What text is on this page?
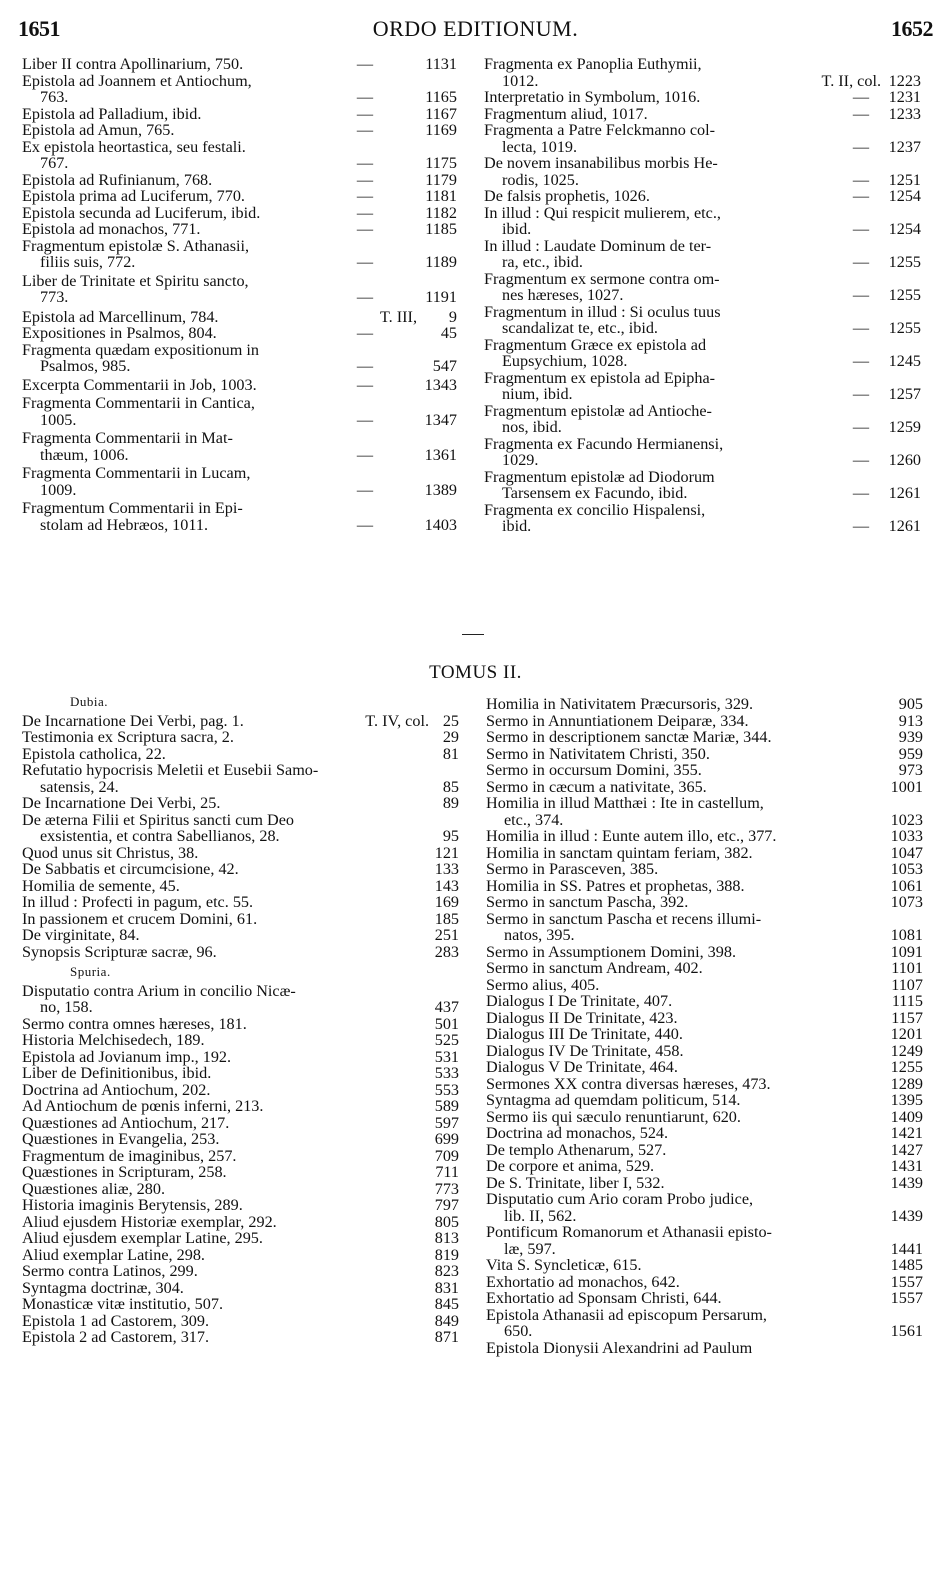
1651	ORDO EDITIONUM.	1652
Liber II contra Apollinarium, 750.	—	1131
Epistola ad Joannem et Antiochum,
763.	—	1165
Epistola ad Palladium, ibid.	—	1167
Epistola ad Amun, 765.	—	1169
Ex epistola heortastica, seu festali.
767.	—	1175
Epistola ad Rufinianum, 768.	—	1179
Epistola prima ad Luciferum, 770.	—	1181
Epistola secunda ad Luciferum, ibid.	—	1182
Epistola ad monachos, 771.	—	1185
Fragmentum epistolæ S. Athanasii,
filiis suis, 772.	—	1189
Liber de Trinitate et Spiritu sancto,
773.	—	1191
Epistola ad Marcellinum, 784.	T. III, 9
Expositiones in Psalmos, 804.	—	45
Fragmenta quædam expositionum in
Psalmos, 985.	—	547
Excerpta Commentarii in Job, 1003.	—	1343
Fragmenta Commentarii in Cantica,
1005.	—	1347
Fragmenta Commentarii in Mat-
thæum, 1006.	—	1361
Fragmenta Commentarii in Lucam,
1009.	—	1389
Fragmentum Commentarii in Epi-
stolam ad Hebræos, 1011.	—	1403
Fragmenta ex Panoplia Euthymii,
1012.	T. II, col. 1223
Interpretatio in Symbolum, 1016.	— 1231
Fragmentum aliud, 1017.	— 1233
Fragmenta a Patre Felckmanno col-
lecta, 1019.	— 1237
De novem insanabilibus morbis He-
rodis, 1025.	— 1251
De falsis prophetis, 1026.	— 1254
In illud : Qui respicit mulierem, etc.,
ibid.	— 1254
In illud : Laudate Dominum de ter-
ra, etc., ibid.	— 1255
Fragmentum ex sermone contra om-
nes hæreses, 1027.	— 1255
Fragmentum in illud : Si oculus tuus
scandalizat te, etc., ibid.	— 1255
Fragmentum Græce ex epistola ad
Eupsychium, 1028.	— 1245
Fragmentum ex epistola ad Epipha-
nium, ibid.	— 1257
Fragmentum epistolæ ad Antioche-
nos, ibid.	— 1259
Fragmenta ex Facundo Hermianensi,
1029.	— 1260
Fragmentum epistolæ ad Diodorum
Tarsensem ex Facundo, ibid.	— 1261
Fragmenta ex concilio Hispalensi,
ibid.	— 1261
TOMUS II.
Dubia.
De Incarnatione Dei Verbi, pag. 1.	T. IV, col. 25
Testimonia ex Scriptura sacra, 2.	29
Epistola catholica, 22.	81
Refutatio hypocrisis Meletii et Eusebii Samo-
satensis, 24.	85
De Incarnatione Dei Verbi, 25.	89
De æterna Filii et Spiritus sancti cum Deo
exsistentia, et contra Sabellianos, 28.	95
Quod unus sit Christus, 38.	121
De Sabbatis et circumcisione, 42.	133
Homilia de semente, 45.	143
In illud : Profecti in pagum, etc. 55.	169
In passionem et crucem Domini, 61.	185
De virginitate, 84.	251
Synopsis Scripturæ sacræ, 96.	283
Spuria.
Disputatio contra Arium in concilio Nicæ-
no, 158.	437
Sermo contra omnes hæreses, 181.	501
Historia Melchisedech, 189.	525
Epistola ad Jovianum imp., 192.	531
Liber de Definitionibus, ibid.	533
Doctrina ad Antiochum, 202.	553
Ad Antiochum de pœnis inferni, 213.	589
Quæstiones ad Antiochum, 217.	597
Quæstiones in Evangelia, 253.	699
Fragmentum de imaginibus, 257.	709
Quæstiones in Scripturam, 258.	711
Quæstiones aliæ, 280.	773
Historia imaginis Berytensis, 289.	797
Aliud ejusdem Historiæ exemplar, 292.	805
Aliud ejusdem exemplar Latine, 295.	813
Aliud exemplar Latine, 298.	819
Sermo contra Latinos, 299.	823
Syntagma doctrinæ, 304.	831
Monasticæ vitæ institutio, 507.	845
Epistola 1 ad Castorem, 309.	849
Epistola 2 ad Castorem, 317.	871
Homilia in Nativitatem Præcursoris, 329.	905
Sermo in Annuntiationem Deiparæ, 334.	913
Sermo in descriptionem sanctæ Mariæ, 344.	939
Sermo in Nativitatem Christi, 350.	959
Sermo in occursum Domini, 355.	973
Sermo in cæcum a nativitate, 365.	1001
Homilia in illud Matthæi : Ite in castellum,
etc., 374.	1023
Homilia in illud : Eunte autem illo, etc., 377.	1033
Homilia in sanctam quintam feriam, 382.	1047
Sermo in Parasceven, 385.	1053
Homilia in SS. Patres et prophetas, 388.	1061
Sermo in sanctum Pascha, 392.	1073
Sermo in sanctum Pascha et recens illumi-
natos, 395.	1081
Sermo in Assumptionem Domini, 398.	1091
Sermo in sanctum Andream, 402.	1101
Sermo alius, 405.	1107
Dialogus I De Trinitate, 407.	1115
Dialogus II De Trinitate, 423.	1157
Dialogus III De Trinitate, 440.	1201
Dialogus IV De Trinitate, 458.	1249
Dialogus V De Trinitate, 464.	1255
Sermones XX contra diversas hæreses, 473.	1289
Syntagma ad quemdam politicum, 514.	1395
Sermo iis qui sæculo renuntiarunt, 620.	1409
Doctrina ad monachos, 524.	1421
De templo Athenarum, 527.	1427
De corpore et anima, 529.	1431
De S. Trinitate, liber I, 532.	1439
Disputatio cum Ario coram Probo judice,
lib. II, 562.	1439
Pontificum Romanorum et Athanasii episto-
læ, 597.	1441
Vita S. Syncleticæ, 615.	1485
Exhortatio ad monachos, 642.	1557
Exhortatio ad Sponsam Christi, 644.	1557
Epistola Athanasii ad episcopum Persarum,
650.	1561
Epistola Dionysii Alexandrini ad Paulum
